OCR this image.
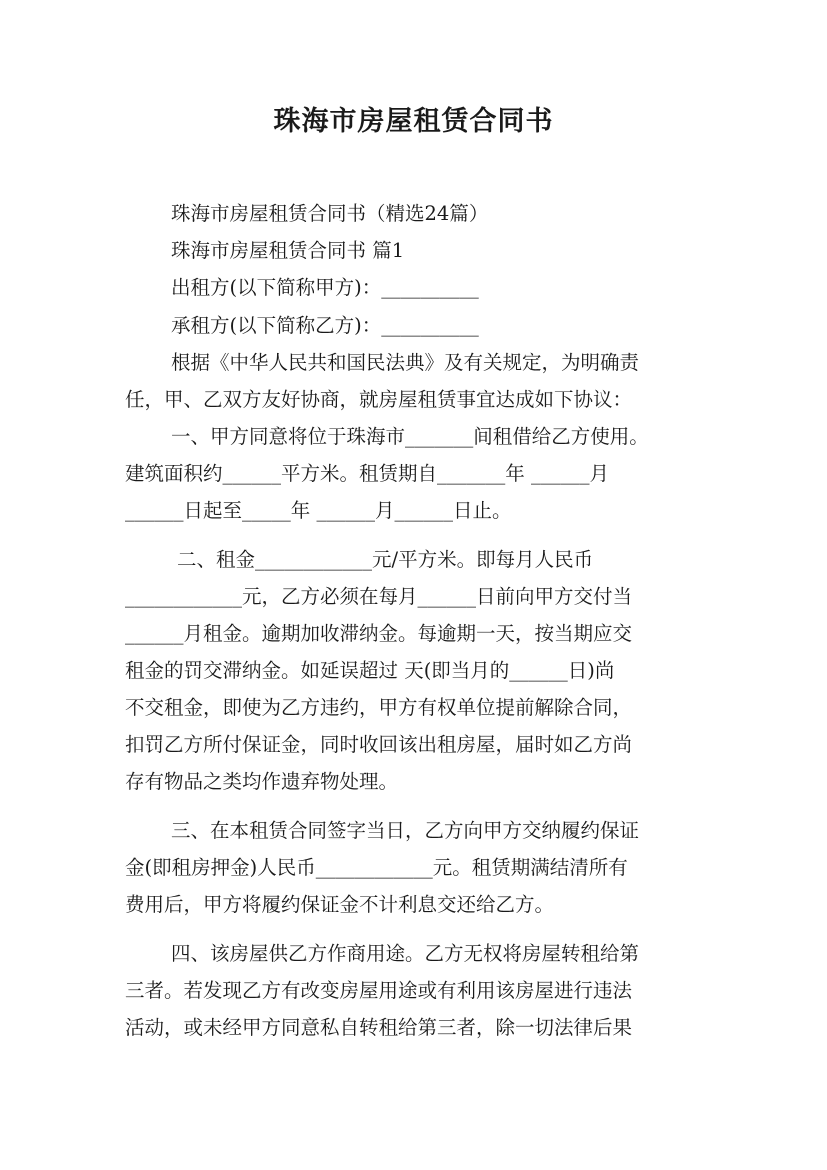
珠海市房屋租赁合同书
珠海市房屋租赁合同书（精选24篇）
珠海市房屋租赁合同书 篇1
出租方(以下简称甲方)：__________
承租方(以下简称乙方)：__________
根据《中华人民共和国民法典》及有关规定，为明确责
任，甲、乙双方友好协商，就房屋租赁事宜达成如下协议：
一、甲方同意将位于珠海市_______间租借给乙方使用。
建筑面积约______平方米。租赁期自_______年 ______月
______日起至_____年 ______月______日止。
二、租金____________元/平方米。即每月人民币
____________元，乙方必须在每月______日前向甲方交付当
______月租金。逾期加收滞纳金。每逾期一天，按当期应交
租金的罚交滞纳金。如延误超过 天(即当月的______日)尚
不交租金，即使为乙方违约，甲方有权单位提前解除合同，
扣罚乙方所付保证金，同时收回该出租房屋，届时如乙方尚
存有物品之类均作遗弃物处理。
三、在本租赁合同签字当日，乙方向甲方交纳履约保证
金(即租房押金)人民币____________元。租赁期满结清所有
费用后，甲方将履约保证金不计利息交还给乙方。
四、该房屋供乙方作商用途。乙方无权将房屋转租给第
三者。若发现乙方有改变房屋用途或有利用该房屋进行违法
活动，或未经甲方同意私自转租给第三者，除一切法律后果
